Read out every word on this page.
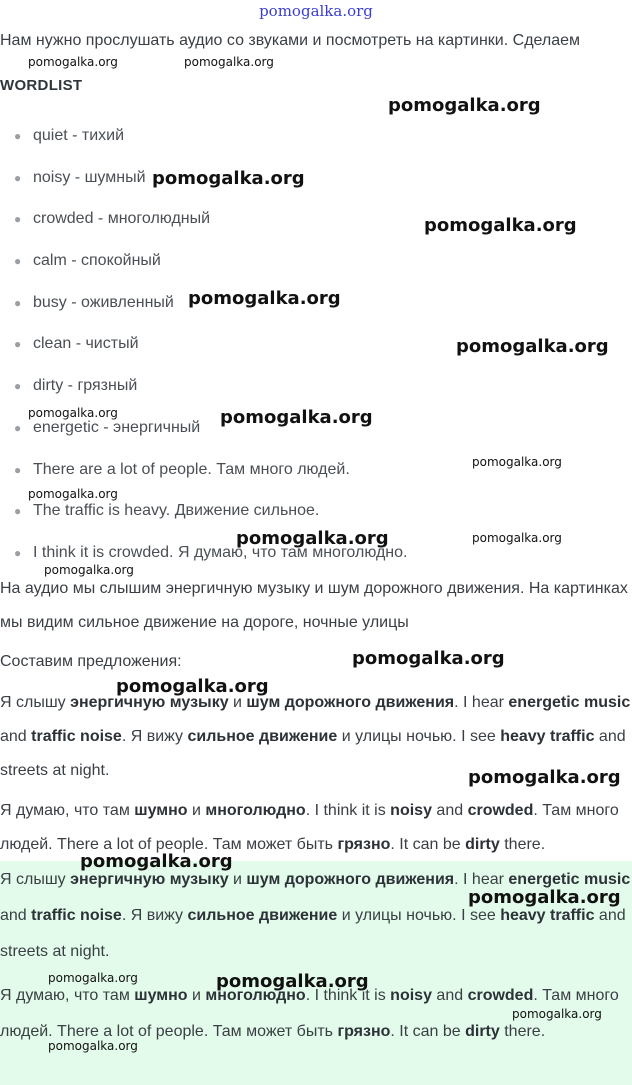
pomogalka.org
Нам нужно прослушать аудио со звуками и посмотреть на картинки. Сделаем
WORDLIST
● quiet - тихий
● noisy - шумный
● crowded - многолюдный
● calm - спокойный
● busy - оживленный
● clean - чистый
● dirty - грязный
● energetic - энергичный
● There are a lot of people. Там много людей.
● The traffic is heavy. Движение сильное.
● I think it is crowded. Я думаю, что там многолюдно.

На аудио мы слышим энергичную музыку и шум дорожного движения. На картинках мы видим сильное движение на дороге, ночные улицы

Составим предложения:

Я слышу энергичную музыку и шум дорожного движения. I hear energetic music and traffic noise. Я вижу сильное движение и улицы ночью. I see heavy traffic and streets at night.

Я думаю, что там шумно и многолюдно. I think it is noisy and crowded. Там много людей. There a lot of people. Там может быть грязно. It can be dirty there.

Я слышу энергичную музыку и шум дорожного движения. I hear energetic music and traffic noise. Я вижу сильное движение и улицы ночью. I see heavy traffic and streets at night.

Я думаю, что там шумно и многолюдно. I think it is noisy and crowded. Там много людей. There a lot of people. Там может быть грязно. It can be dirty there.

pomogalka.org	pomogalka.org
pomogalka.org
pomogalka.org
pomogalka.org
pomogalka.org
pomogalka.org
pomogalka.org	pomogalka.org
pomogalka.org
pomogalka.org
pomogalka.org	pomogalka.org
pomogalka.org
pomogalka.org
pomogalka.org
pomogalka.org
pomogalka.org
pomogalka.org
pomogalka.org	pomogalka.org
pomogalka.org
pomogalka.org
